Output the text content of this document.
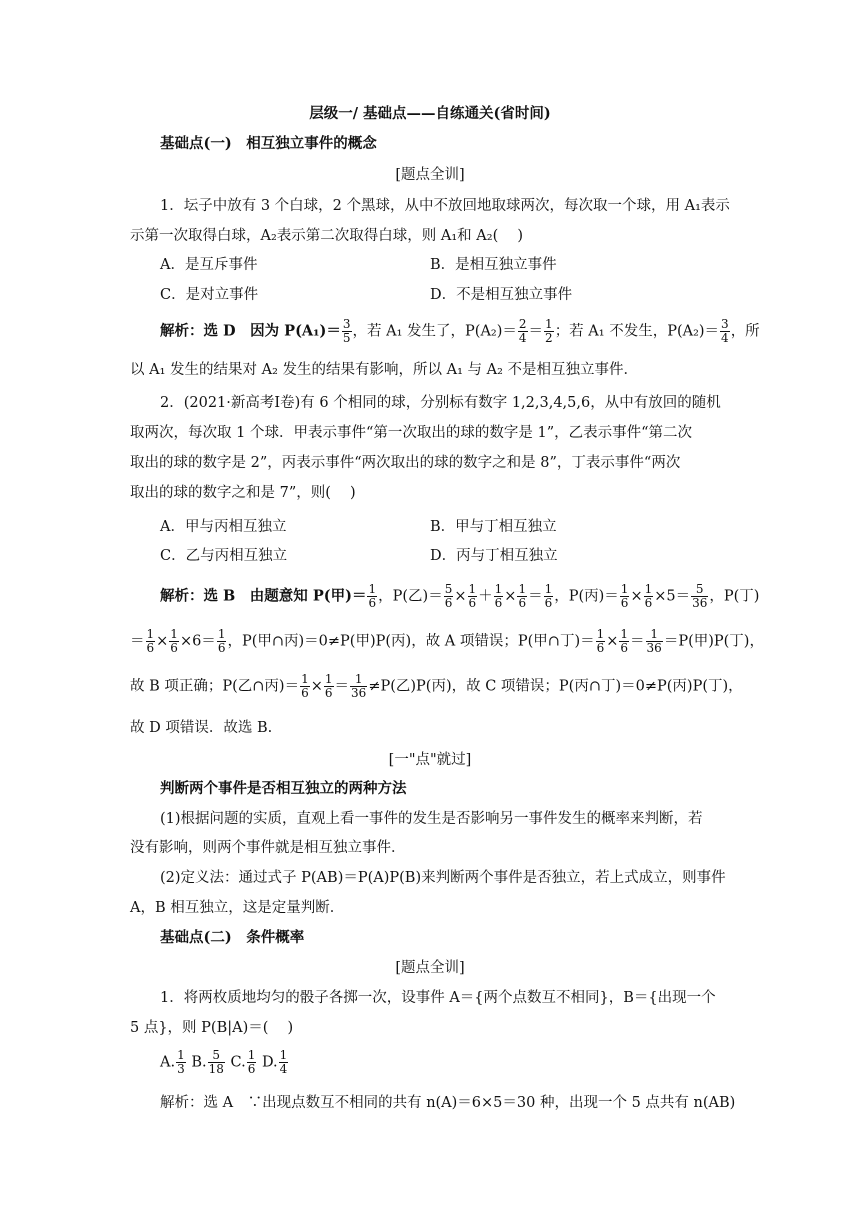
层级一/ 基础点——自练通关(省时间)
基础点(一)　相互独立事件的概念
[题点全训]
1．坛子中放有 3 个白球，2 个黑球，从中不放回地取球两次，每次取一个球，用 A₁表示
示第一次取得白球，A₂表示第二次取得白球，则 A₁和 A₂(　 )
A．是互斥事件	B．是相互独立事件
C．是对立事件	D．不是相互独立事件
解析：选 D　因为 $P(A_1)= \frac{3}{5}$ ，若 A₁ 发生了，$P(A_2)= \frac{2}{4} = \frac{1}{2}$ ；若 A₁ 不发生，$P(A_2)= \frac{3}{4}$ ，所
以 A₁ 发生的结果对 A₂ 发生的结果有影响，所以 A₁ 与 A₂ 不是相互独立事件．
2．(2021·新高考Ⅰ卷)有 6 个相同的球，分别标有数字 1,2,3,4,5,6，从中有放回的随机
取两次，每次取 1 个球．甲表示事件“第一次取出的球的数字是 1”，乙表示事件“第二次
取出的球的数字是 2”，丙表示事件“两次取出的球的数字之和是 8”，丁表示事件“两次
取出的球的数字之和是 7”，则(　 )
A．甲与丙相互独立	B．甲与丁相互独立
C．乙与丙相互独立	D．丙与丁相互独立
解析：选 B　由题意知 P(甲)＝ $\frac{1}{6}$ ，P(乙)＝ $\frac{5}{6} \times \frac{1}{6} + \frac{1}{6} \times \frac{1}{6} = \frac{1}{6}$ ，P(丙)＝ $\frac{1}{6} \times \frac{1}{6} \times 5= \frac{5}{36}$ ，P(丁)
＝ $\frac{1}{6} \times \frac{1}{6} \times 6= \frac{1}{6}$ ，P(甲∩丙)＝0≠P(甲)P(丙)，故 A 项错误；P(甲∩丁)＝ $\frac{1}{6} \times \frac{1}{6} = \frac{1}{36} =P$(甲)P(丁)，
故 B 项正确；P(乙∩丙)＝ $\frac{1}{6} \times \frac{1}{6} = \frac{1}{36} \ne P$(乙)P(丙)，故 C 项错误；P(丙∩丁)＝0≠P(丙)P(丁)，
故 D 项错误．故选 B.
[一"点"就过]
判断两个事件是否相互独立的两种方法
(1)根据问题的实质，直观上看一事件的发生是否影响另一事件发生的概率来判断，若
没有影响，则两个事件就是相互独立事件．
(2)定义法：通过式子 P(AB)＝P(A)P(B)来判断两个事件是否独立，若上式成立，则事件
A，B 相互独立，这是定量判断．
基础点(二)　条件概率
[题点全训]
1．将两枚质地均匀的骰子各掷一次，设事件 A＝{两个点数互不相同}，B＝{出现一个
5 点}，则 P(B|A)＝(　 )
A. $\frac{1}{3} B$. $\frac{5}{18} C$. $\frac{1}{6} D$. $\frac{1}{4}$
解析：选 A　∵出现点数互不相同的共有 n(A)＝6×5＝30 种，出现一个 5 点共有 n(AB)
